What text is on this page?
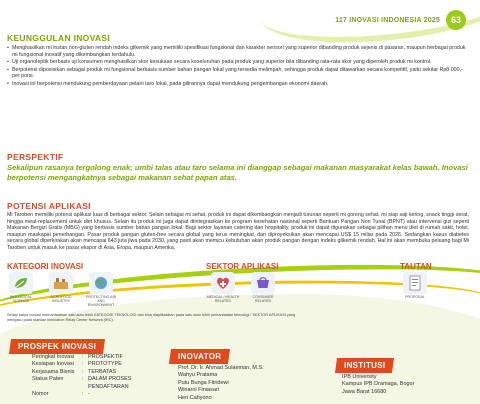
117 INOVASI INDONESIA 2025	63
KEUNGGULAN INOVASI
• Menghasilkan mi instan non-gluten rendah indeks glikemik yang memiliki spesifikasi fungsional dan karakter sensori yang superior dibanding produk sejenis di pasaran, maupun berbagai produk mi fungsional inovatif yang dikembangkan terdahulu.
• Uji organoleptik berbasis uji konsumen menghasilkan skor kesukaan secara keseluruhan pada produk yang superior bila dibanding rata-rata skor yang diperoleh produk mi kontrol.
• Berpotensi diposisikan sebagai produk mi fungsional berbasis sumber bahan pangan lokal yang tersedia melimpah, sehingga produk dapat ditawarkan secara kompetitif, yaitu sekitar Rp8.000,- per porsi.
• Inovasi ini berpotensi mendukung pemberdayaan petani taro lokal, pada gilirannya dapat mendukung pengembangan ekonomi daerah.
PERSPEKTIF
Sekalipun rasanya tergolong enak; umbi talas atau taro selama ini dianggap sebagai makanan masyarakat kelas bawah. Inovasi berpotensi mengangkatnya sebagai makanan sehat papan atas.
POTENSI APLIKASI
Mi Taroben memiliki potensi aplikasi luas di berbagai sektor. Selain sebagai mi sehat, produk ini dapat dikembangkan menjadi turunan seperti mi goreng sehat, mi siap saji kering, snack tinggi serat, hingga meal-replacement untuk diet khusus. Selain itu produk ini juga dapat diintegrasikan ke program kesehatan nasional seperti Bantuan Pangan Non Tunai (BPNT) atau intervensi gizi seperti Makanan Bergizi Gratis (MBG) yang berbasis sumber bahan pangan lokal. Bagi sektor layanan catering dan hospitality, produk ini dapat digunakan sebagai pilihan menu diet di rumah sakit, hotel, maupun maskapai penerbangan. Pasar produk pangan gluten-free secara global yang terus meningkat, dan diproyeksikan akan mencapai US$ 15 miliar pada 2026. Sedangkan kasus diabetes secara global diperkirakan akan mencapai 643 juta jiwa pada 2030, yang pasti akan memicu kebutuhan akan produk pangan dengan indeks glikemik rendah. Hal ini akan membuka peluang bagi Mi Taroben untuk masuk ke pasar ekspor di Asia, Eropa, maupun Amerika.
KATEGORI INOVASI
BIOLOGICAL SCIENCE
AGROFOOD INDUSTRY
PROTECTING AIR AND ENVIRONMENT
SEKTOR APLIKASI
MEDICAL / HEALTH RELATED
CONSUMER RELATED
TAUTAN
PROPOSAL
Setiap karya inovasi memanfaatkan satu atau lebih KATEGORI TEKNOLOGI dan bisa diaplikasikan pada satu atau lebih pemanfaatan teknologi / SEKTOR APLIKASI yang mengacu pada standar Innovation Relay Center Network (IRC).
PROSPEK INOVASI
Peringkat Inovasi	:	PROSPEKTIF
Kesiapan Inovasi	:	PROTOTYPE
Kerjasama Bisnis	:	TERBATAS
Status Paten	:	DALAM PROSES PENDAFTARAN
Nomor	:	-
INOVATOR
Prof. Dr. Ir. Ahmad Sulaeman, M.S.
Wahyu Pratama
Putu Bunga Fitridewi
Winarni Finiasari
Heri Cahyono
INSTITUSI
IPB University
Kampus IPB Dramaga, Bogor
Jawa Barat 16680
